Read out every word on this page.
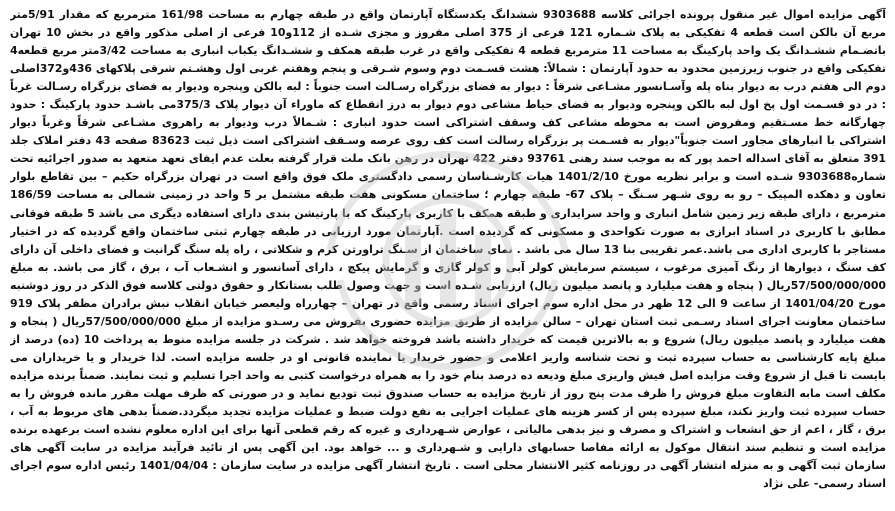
آگهی مزایده اموال غیر منقول پرونده اجرائی کلاسه 9303688 ششدانگ یکدستگاه آپارتمان واقع در طبقه چهارم به مساحت 161/98 مترمربع که مقدار 5/91متر مربع آن بالکن است قطعه 4 تفکیکی به پلاک شـماره 121 فرعی از 375 اصلی مفروز و مجزی شـده از 112و10 فرعی از اصلی مذکور واقع در بخش 10 تهران باتضـمام ششـدانگ یک واحد پارکینگ به مساحت 11 مترمربع قطعه 4 تفکیکی واقع در غرب طبقه همکف و ششـدانگ یکباب انباری به مساحت 3/42متر مربع قطعه4 تفکیکی واقع در جنوب زیرزمین محدود به حدود آپارتمان : شمالاً: هشت قسـمت دوم وسوم شـرقی و پنجم وهفتم غربی اول وهشـتم شرقی پلاکهای 436و372اصلی دوم الی هفتم درب به دیوار بناه پله وآسـانسور مشـاعی شرقاً : دیوار به فضای بزرگراه رسـالت است جنوباً : لبه بالکن وپنجره ودیوار به فضای بزرگراه رسـالت غرباً : در دو قسـمت اول پخ اول لبه بالکن وپنجره ودیوار به فضای حیاط مشاعی دوم دیوار به درز انقطاع که ماوراء آن دیوار پلاک 375/3می باشـد حدود پارکینگ : حدود چهارگانه خط مسـتقیم ومفروض است به محوطه مشاعی کف وسقف اشتراکی است حدود انباری : شـمالاً درب ودیوار به راهروی مشـاعی شرقاً وغرباً دیوار اشتراکی با انبارهای مجاور است جنوباً"دیوار به قسـمت پر بزرگراه رسالت است کف روی عرصه وسـقف اشتراکی است ذیل ثبت 83623 صفحه 43 دفتر املاک جلد 391 متعلق به آقای اسداله احمد پور که به موجب سند رهنی 93761 دفتر 422 تهران در رهن بانک ملت قرار گرفته بعلت عدم ایفای تعهد متعهد به صدور اجرائیه تحت شماره9303688 شـده است و برابر نظریه مورخ 1401/2/10 هیات کارشـناسان رسمی دادگستری ملک فوق واقع است در تهران بزرگراه حکیم – بین تقاطع بلوار تعاون و دهکده المپیک – رو به روی شـهر سـنگ – پلاک 67- طبقه چهارم ؛ ساختمان مسکونی هفت طبقه مشتمل بر 5 واحد در زمینی شمالی به مساحت 186/59 مترمربع ، دارای طبقه زیر زمین شامل انباری و واحد سرایداری و طبقه همکف با کاربری پارکینگ که با پارتیشن بندی دارای استفاده دیگری می باشد 5 طبقه فوقانی مطابق با کاربری در اسناد ابرازی به صورت تکواحدی و مسکونی که گردیده است .آپارتمان مورد ارزیابی در طبقه چهارم ثبتی ساختمان واقع گردیده که در اختیار مستاجر با کاربری اداری می باشد.عمر تقریبی بنا 13 سال می باشد . نمای ساختمان از سـنگ تراورتن کرم و شکلاتی ، راه پله سنگ گرانیت و فضای داخلی آن دارای کف سنگ ، دیوارها از رنگ آمیزی مرغوب ، سیستم سرمایش کولر آبی و کولر گازی و گرمایش پیکچ ، دارای آسانسور و انشـعاب آب ، برق ، گاز می باشد. به مبلغ 57/500/000/000ریال ( پنجاه و هفت میلیارد و پانصد میلیون ریال) ارزیابی شـده است و جهت وصول طلب بستانکار و حقوق دولتی کلاسه فوق الذکر در روز دوشنبه مورخ 1401/04/20 از ساعت 9 الی 12 ظهر در محل اداره سوم اجرای اسناد رسمی واقع در تهران – چهارراه ولیعصر خیابان انقلاب نبش برادران مظفر پلاک 919 ساختمان معاونت اجرای اسناد رسـمی ثبت استان تهران – سالن مزایده از طریق مزایده حضوری بفروش می رسـدو مزایده از مبلغ 57/500/000/000ریال ( پنجاه و هفت میلیارد و پانصد میلیون ریال) شروع و به بالاترین قیمت که خریدار داشته باشد فروخته خواهد شد . شرکت در جلسه مزایده منوط به پرداخت 10 (ده) درصد از مبلغ پایه کارشناسی به حساب سپرده ثبت و تحت شناسه واریز اعلامی و حضور خریدار یا نماینده قانونی او در جلسه مزایده است. لذا خریدار و یا خریداران می بایست تا قبل از شروع وقت مزایده اصل فیش واریزی مبلغ ودیعه ده درصد بنام خود را به همراه درخواست کتبی به واحد اجرا تسلیم و ثبت نمایند. ضمناً برنده مزایده مکلف است مابه التفاوت مبلغ فروش را ظرف مدت پنج روز از تاریخ مزایده به حساب صندوق ثبت تودیع نماید و در صورتی که ظرف مهلت مقرر مانده فروش را به حساب سپرده ثبت واریز نکند، مبلغ سپرده پس از کسر هزینه های عملیات اجرایی به نفع دولت ضبط و عملیات مزایده تجدید میگردد.ضمناً بدهی های مربوط به آب ، برق ، گاز ، اعم از حق انشعاب و اشتراک و مصرف و نیز بدهی مالیاتی ، عوارض شـهرداری و غیره که رقم قطعی آنها برای این اداره معلوم نشده است برعهده برنده مزایده است و تنظیم سند انتقال موکول به ارائه مفاصا حسابهای دارایی و شـهرداری و ... خواهد بود. این آگهی پس از تائید فرآیند مزایده در سایت آگهی های سازمان ثبت آگهی و به منزله انتشار آگهی در روزنامه کثیر الانتشار محلی است . تاریخ انتشار آگهی مزایده در سایت سازمان : 1401/04/04 رئیس اداره سوم اجرای اسناد رسمی- علی نژاد
